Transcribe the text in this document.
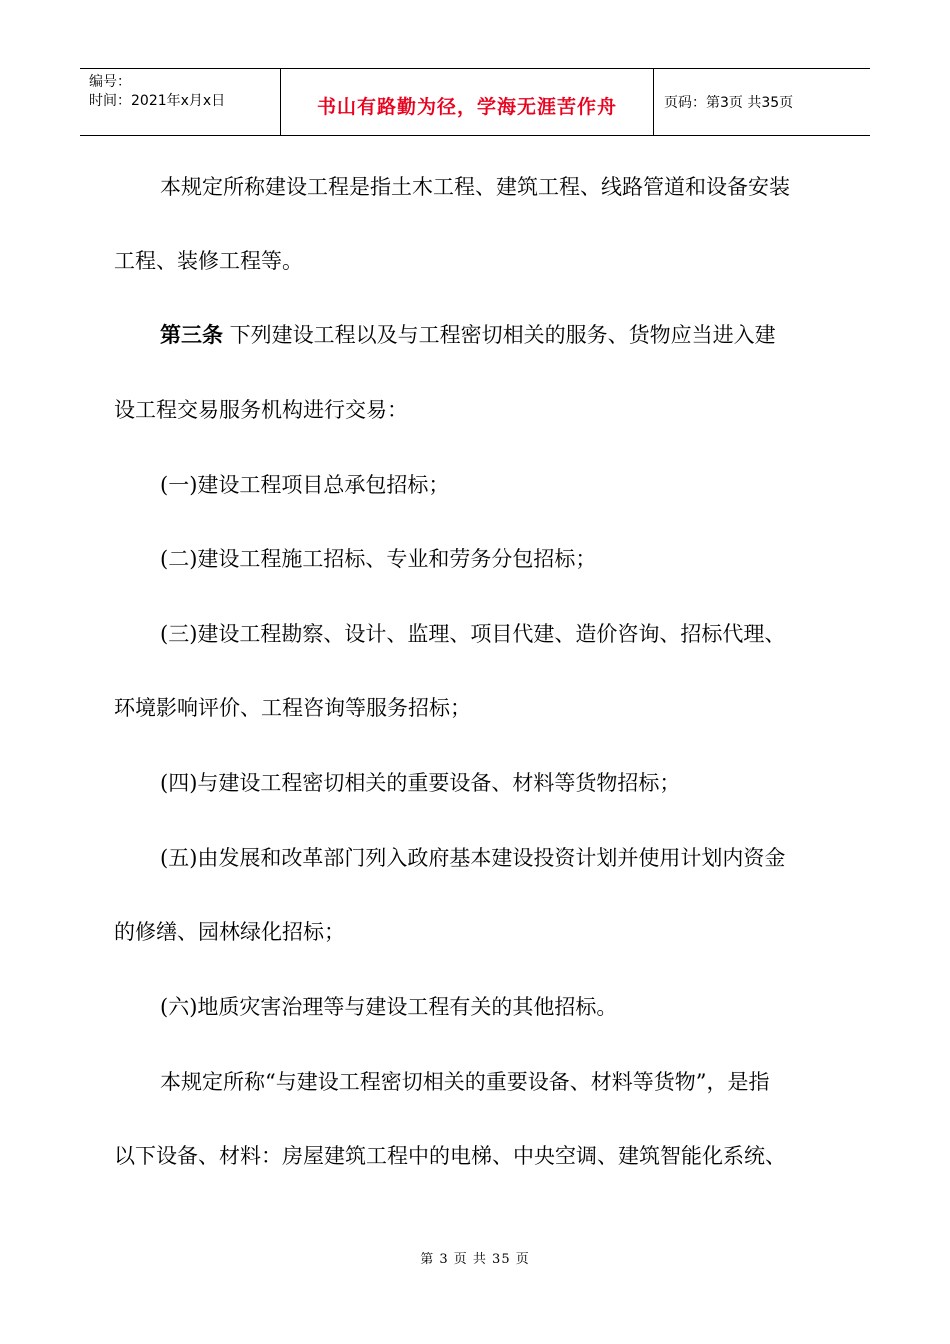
编号：
时间：2021年x月x日	书山有路勤为径，学海无涯苦作舟	页码：第3页 共35页
本规定所称建设工程是指土木工程、建筑工程、线路管道和设备安装
工程、装修工程等。
第三条 下列建设工程以及与工程密切相关的服务、货物应当进入建
设工程交易服务机构进行交易：
(一)建设工程项目总承包招标；
(二)建设工程施工招标、专业和劳务分包招标；
(三)建设工程勘察、设计、监理、项目代建、造价咨询、招标代理、
环境影响评价、工程咨询等服务招标；
(四)与建设工程密切相关的重要设备、材料等货物招标；
(五)由发展和改革部门列入政府基本建设投资计划并使用计划内资金
的修缮、园林绿化招标；
(六)地质灾害治理等与建设工程有关的其他招标。
本规定所称“与建设工程密切相关的重要设备、材料等货物”，是指
以下设备、材料：房屋建筑工程中的电梯、中央空调、建筑智能化系统、
第 3 页 共 35 页
